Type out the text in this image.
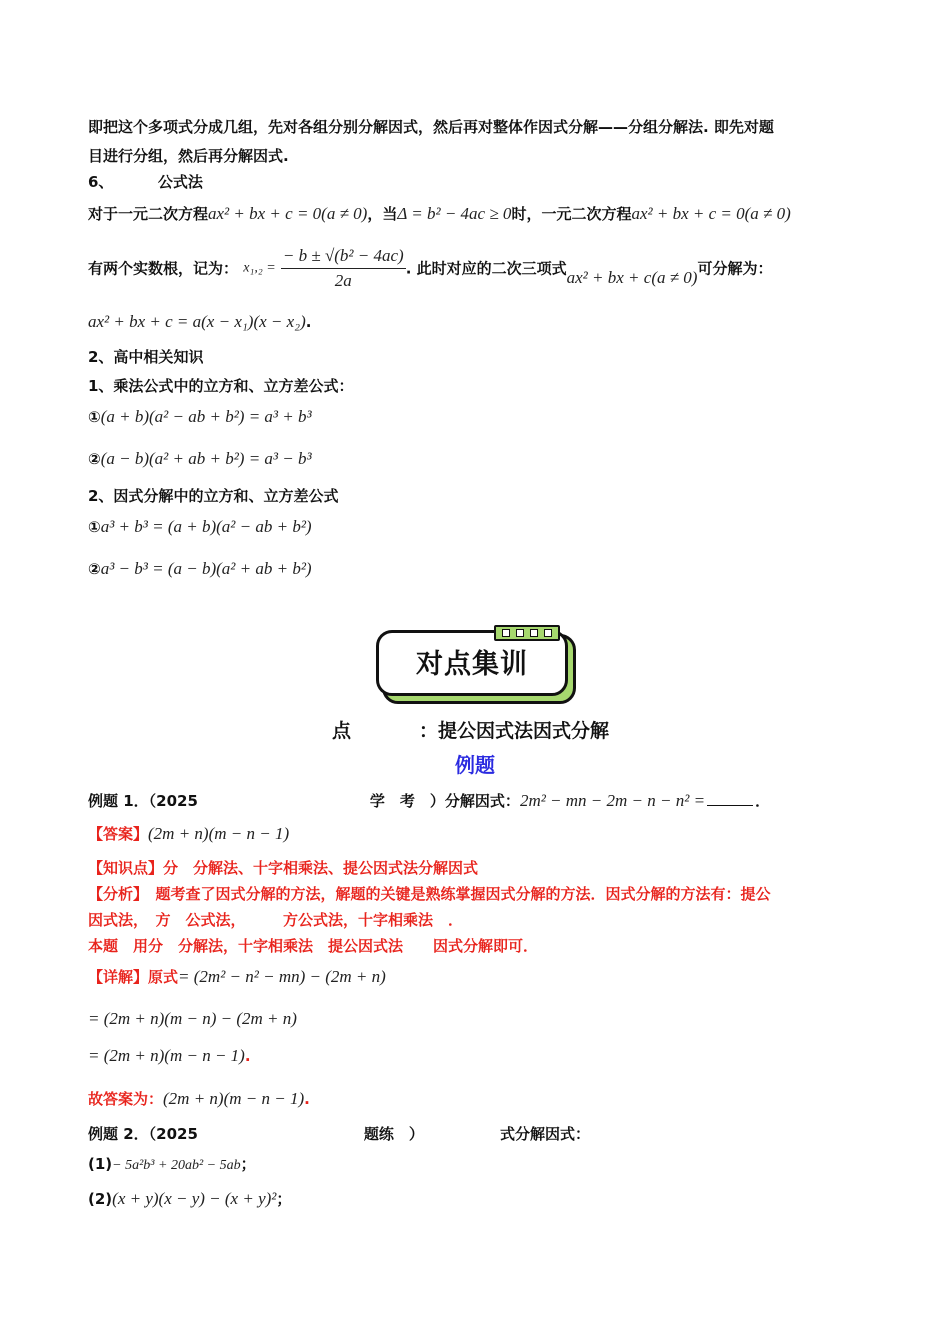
即把这个多项式分成几组，先对各组分别分解因式，然后再对整体作因式分解——分组分解法. 即先对题
目进行分组，然后再分解因式.
6、	公式法
对于一元二次方程ax² + bx + c = 0(a ≠ 0)，当Δ = b² − 4ac ≥ 0时，一元二次方程ax² + bx + c = 0(a ≠ 0)
有两个实数根，记为： $x_1,_2 = \frac{\text{− b ± √(b² − 4ac)}}{2a}$ . 此时对应的二次三项式ax² + bx + c(a ≠ 0)可分解为：
ax² + bx + c = a(x − x₁)(x − x₂).
2、高中相关知识
1、乘法公式中的立方和、立方差公式：
①(a + b)(a² − ab + b²) = a³ + b³
②(a − b)(a² + ab + b²) = a³ − b³
2、因式分解中的立方和、立方差公式
①a³ + b³ = (a + b)(a² − ab + b²)
②a³ − b³ = (a − b)(a² + ab + b²)
对点集训
点	：提公因式法因式分解
例题
例题 1．（2025	学　考　）分解因式：2m² − mn − 2m − n − n² =	．
【答案】(2m + n)(m − n − 1)
【知识点】分　分解法、十字相乘法、提公因式法分解因式
【分析】　题考查了因式分解的方法，解题的关键是熟练掌握因式分解的方法．因式分解的方法有：提公
因式法，　方　公式法，　　　方公式法，十字相乘法　．
本题　用分　分解法，十字相乘法　提公因式法　　因式分解即可．
【详解】原式= (2m² − n² − mn) − (2m + n)
= (2m + n)(m − n) − (2m + n)
= (2m + n)(m − n − 1).
故答案为：(2m + n)(m − n − 1).
例题 2．（2025	题练　）	式分解因式：
(1)− 5a²b³ + 20ab² − 5ab；
(2)(x + y)(x − y) − (x + y)²；
